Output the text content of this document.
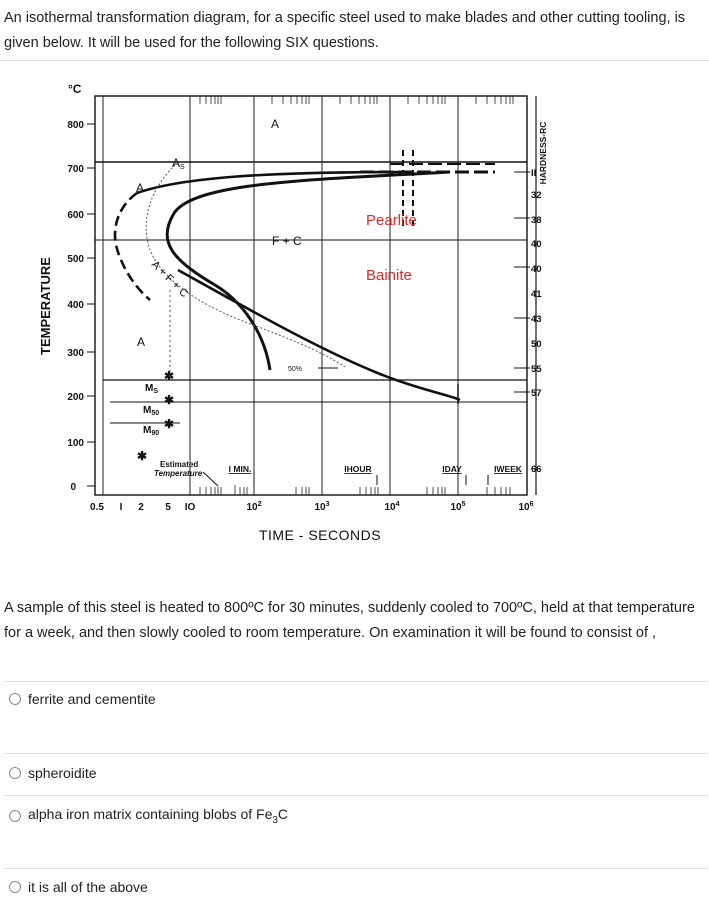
An isothermal transformation diagram, for a specific steel used to make blades and other cutting tooling, is
given below. It will be used for the following SIX questions.
TEMPERATURE
°C
800
700
600
500
400
300
200
100
0
0.5 I 2 5 IO	$10^2$	$10^3$	$10^4$	$10^5$	$10^6$
TIME - SECONDS
I MIN.	IHOUR	IDAY	IWEEK
HARDNESS-RC
II
32
38
40
40
41
43
50
55
57
66
✱
✱
✱
✱
A
AS
A
F + C
A
50%
A + F + C
Pearlite
Bainite
$M_S$
$M_{50}$
$M_{90}$
Estimated
Temperature
A sample of this steel is heated to 800ºC for 30 minutes, suddenly cooled to 700ºC, held at that temperature
for a week, and then slowly cooled to room temperature. On examination it will be found to consist of ,
ferrite and cementite
spheroidite
alpha iron matrix containing blobs of $Fe_3C$
it is all of the above
